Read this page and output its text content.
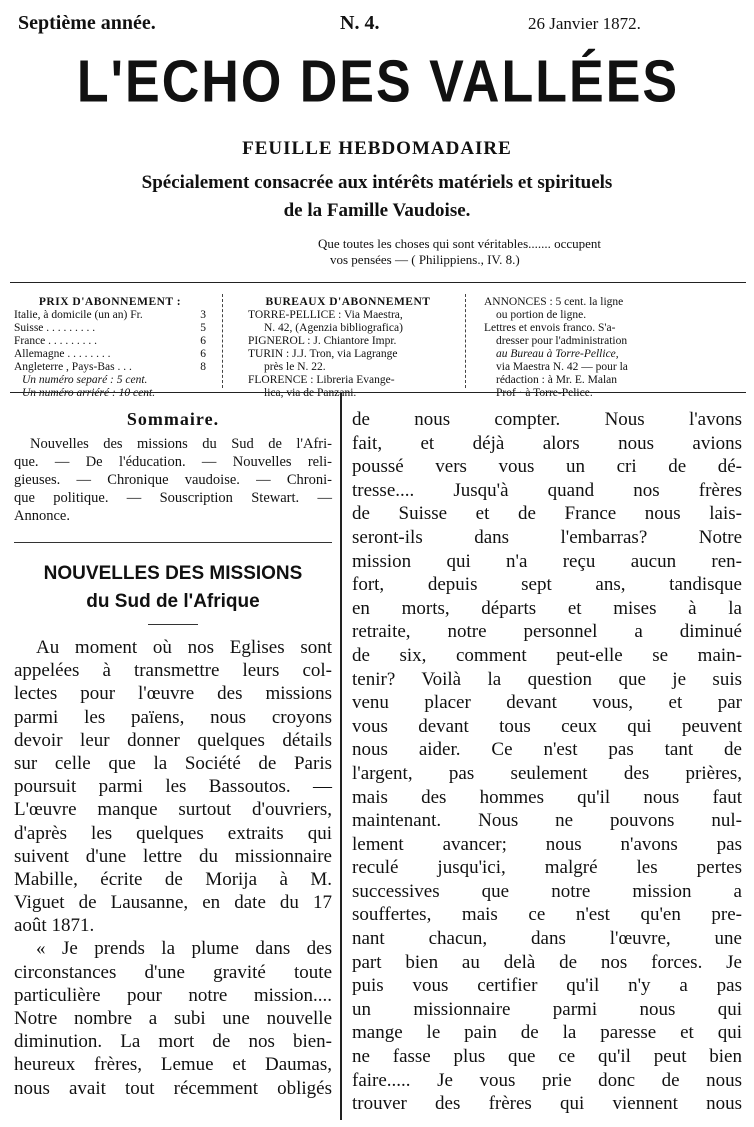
Septième année.	N. 4.	26 Janvier 1872.
L'ECHO DES VALLÉES
FEUILLE HEBDOMADAIRE
Spécialement consacrée aux intérêts matériels et spirituels
de la Famille Vaudoise.
Que toutes les choses qui sont véritables....... occupent
vos pensées — ( Philippiens., IV. 8.)
PRIX D'ABONNEMENT :
Italie, à domicile (un an) Fr.	3
Suisse . . . . . . . . .	5
France . . . . . . . . .	6
Allemagne . . . . . . . .	6
Angleterre , Pays-Bas . . .	8
Un numéro separé : 5 cent.
Un numéro arriéré : 10 cent.
BUREAUX D'ABONNEMENT
TORRE-PELLICE : Via Maestra,
N. 42, (Agenzia bibliografica)
PIGNEROL : J. Chiantore Impr.
TURIN : J.J. Tron, via Lagrange
près le N. 22.
FLORENCE : Libreria Evange-
lica, via de Panzani.
ANNONCES : 5 cent. la ligne
ou portion de ligne.
Lettres et envois franco. S'a-
dresser pour l'administration
au Bureau à Torre-Pellice,
via Maestra N. 42 — pour la
rédaction : à Mr. E. Malan
Prof · à Torre-Pelice.
Sommaire.
Nouvelles des missions du Sud de l'Afri-
que. — De l'éducation. — Nouvelles reli-
gieuses. — Chronique vaudoise. — Chroni-
que politique. — Souscription Stewart. —
Annonce.
NOUVELLES DES MISSIONS
du Sud de l'Afrique
Au moment où nos Eglises sont
appelées à transmettre leurs col-
lectes pour l'œuvre des missions
parmi les païens, nous croyons
devoir leur donner quelques détails
sur celle que la Société de Paris
poursuit parmi les Bassoutos. —
L'œuvre manque surtout d'ouvriers,
d'après les quelques extraits qui
suivent d'une lettre du missionnaire
Mabille, écrite de Morija à M.
Viguet de Lausanne, en date du 17
août 1871.
« Je prends la plume dans des
circonstances d'une gravité toute
particulière pour notre mission....
Notre nombre a subi une nouvelle
diminution. La mort de nos bien-
heureux frères, Lemue et Daumas,
nous avait tout récemment obligés
de nous compter. Nous l'avons
fait, et déjà alors nous avions
poussé vers vous un cri de dé-
tresse.... Jusqu'à quand nos frères
de Suisse et de France nous lais-
seront-ils dans l'embarras? Notre
mission qui n'a reçu aucun ren-
fort, depuis sept ans, tandisque
en morts, départs et mises à la
retraite, notre personnel a diminué
de six, comment peut-elle se main-
tenir? Voilà la question que je suis
venu placer devant vous, et par
vous devant tous ceux qui peuvent
nous aider. Ce n'est pas tant de
l'argent, pas seulement des prières,
mais des hommes qu'il nous faut
maintenant. Nous ne pouvons nul-
lement avancer; nous n'avons pas
reculé jusqu'ici, malgré les pertes
successives que notre mission a
souffertes, mais ce n'est qu'en pre-
nant chacun, dans l'œuvre, une
part bien au delà de nos forces. Je
puis vous certifier qu'il n'y a pas
un missionnaire parmi nous qui
mange le pain de la paresse et qui
ne fasse plus que ce qu'il peut bien
faire..... Je vous prie donc de nous
trouver des frères qui viennent nous
